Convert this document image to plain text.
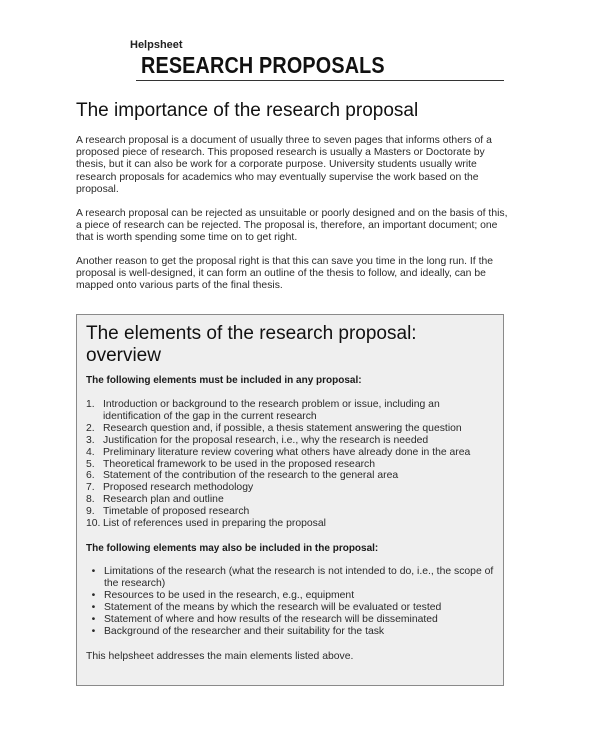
Helpsheet
RESEARCH PROPOSALS
The importance of the research proposal

A research proposal is a document of usually three to seven pages that informs others of a proposed piece of research. This proposed research is usually a Masters or Doctorate by thesis, but it can also be work for a corporate purpose. University students usually write research proposals for academics who may eventually supervise the work based on the proposal.

A research proposal can be rejected as unsuitable or poorly designed and on the basis of this, a piece of research can be rejected. The proposal is, therefore, an important document; one that is worth spending some time on to get right.

Another reason to get the proposal right is that this can save you time in the long run. If the proposal is well-designed, it can form an outline of the thesis to follow, and ideally, can be mapped onto various parts of the final thesis.

The elements of the research proposal: overview

The following elements must be included in any proposal:

1. Introduction or background to the research problem or issue, including an identification of the gap in the current research
2. Research question and, if possible, a thesis statement answering the question
3. Justification for the proposal research, i.e., why the research is needed
4. Preliminary literature review covering what others have already done in the area
5. Theoretical framework to be used in the proposed research
6. Statement of the contribution of the research to the general area
7. Proposed research methodology
8. Research plan and outline
9. Timetable of proposed research
10. List of references used in preparing the proposal

The following elements may also be included in the proposal:

• Limitations of the research (what the research is not intended to do, i.e., the scope of the research)
• Resources to be used in the research, e.g., equipment
• Statement of the means by which the research will be evaluated or tested
• Statement of where and how results of the research will be disseminated
• Background of the researcher and their suitability for the task

This helpsheet addresses the main elements listed above.
